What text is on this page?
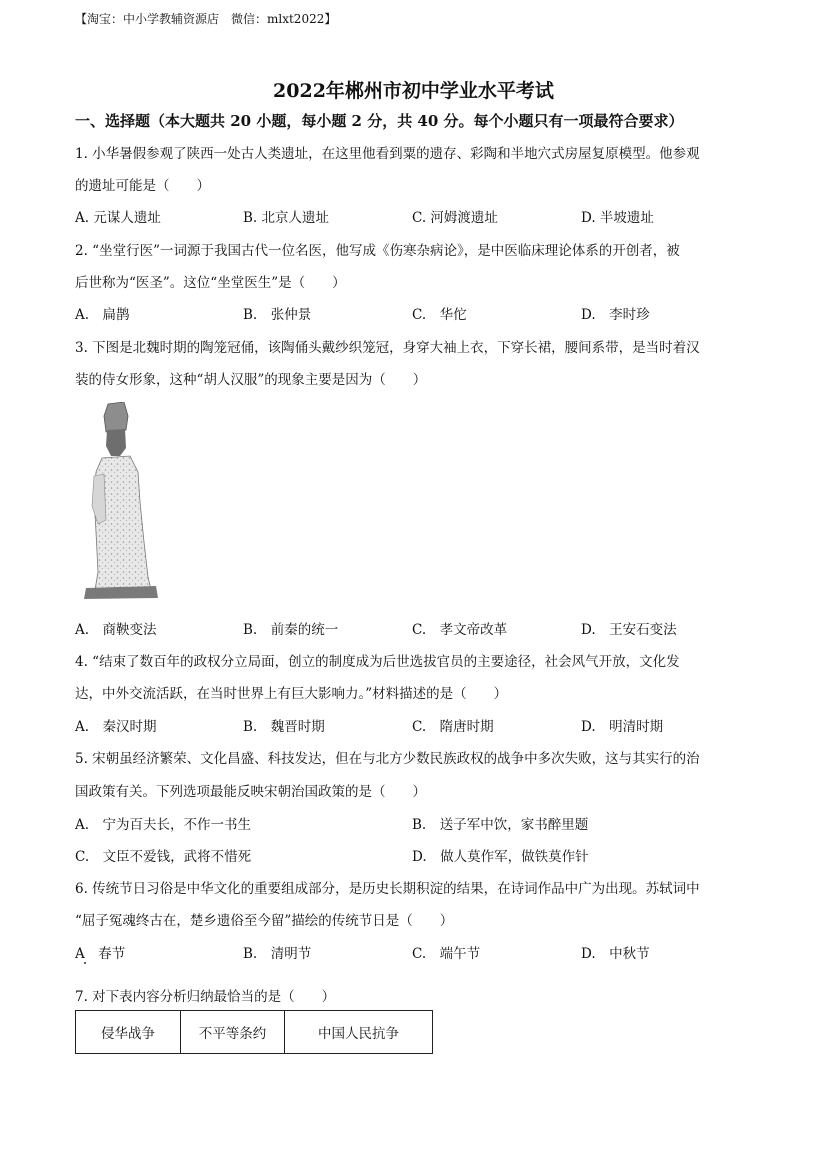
【淘宝：中小学教辅资源店　微信：mlxt2022】
2022年郴州市初中学业水平考试
一、选择题（本大题共 20 小题，每小题 2 分，共 40 分。每个小题只有一项最符合要求）
1. 小华暑假参观了陕西一处古人类遗址，在这里他看到粟的遗存、彩陶和半地穴式房屋复原模型。他参观
的遗址可能是（　　）
A. 元谋人遗址	B. 北京人遗址	C. 河姆渡遗址	D. 半坡遗址
2. “坐堂行医”一词源于我国古代一位名医，他写成《伤寒杂病论》，是中医临床理论体系的开创者，被
后世称为“医圣”。这位“坐堂医生”是（　　）
A.　扁鹊	B.　张仲景	C.　华佗	D.　李时珍
3. 下图是北魏时期的陶笼冠俑，该陶俑头戴纱织笼冠，身穿大袖上衣，下穿长裙，腰间系带，是当时着汉
装的侍女形象，这种“胡人汉服”的现象主要是因为（　　）
A.　商鞅变法	B.　前秦的统一	C.　孝文帝改革	D.　王安石变法
4. “结束了数百年的政权分立局面，创立的制度成为后世选拔官员的主要途径，社会风气开放，文化发
达，中外交流活跃，在当时世界上有巨大影响力。”材料描述的是（　　）
A.　秦汉时期	B.　魏晋时期	C.　隋唐时期	D.　明清时期
5. 宋朝虽经济繁荣、文化昌盛、科技发达，但在与北方少数民族政权的战争中多次失败，这与其实行的治
国政策有关。下列选项最能反映宋朝治国政策的是（　　）
A.　宁为百夫长，不作一书生	B.　送子军中饮，家书醉里题
C.　文臣不爱钱，武将不惜死	D.　做人莫作军，做铁莫作针
6. 传统节日习俗是中华文化的重要组成部分，是历史长期积淀的结果，在诗词作品中广为出现。苏轼词中
“屈子冤魂终古在，楚乡遗俗至今留”描绘的传统节日是（　　）
A　春节	B.　清明节	C.　端午节	D.　中秋节
7. 对下表内容分析归纳最恰当的是（　　）
侵华战争	不平等条约	中国人民抗争
